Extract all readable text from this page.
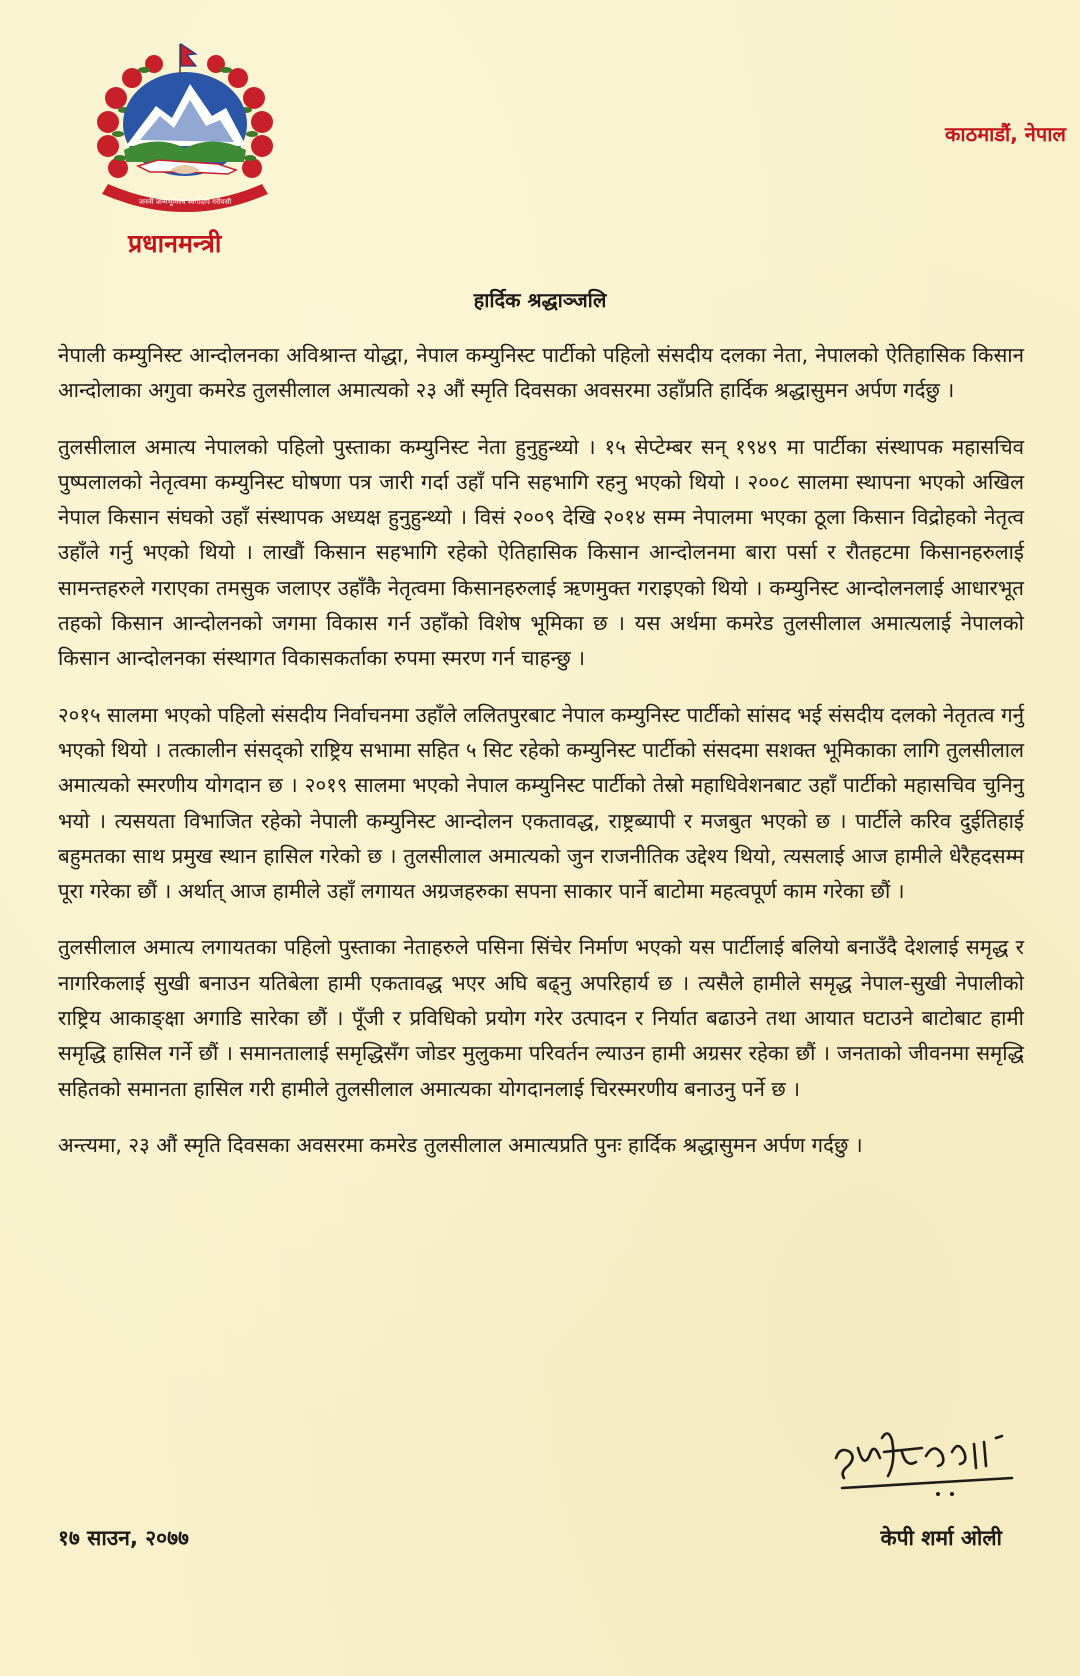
जननी जन्मभूमिश्च स्वर्गादपि गरीयसी
प्रधानमन्त्री
काठमाडौं, नेपाल
हार्दिक श्रद्धाञ्जलि

नेपाली कम्युनिस्ट आन्दोलनका अविश्रान्त योद्धा, नेपाल कम्युनिस्ट पार्टीको पहिलो संसदीय दलका नेता, नेपालको ऐतिहासिक किसान आन्दोलाका अगुवा कमरेड तुलसीलाल अमात्यको २३ औं स्मृति दिवसका अवसरमा उहाँप्रति हार्दिक श्रद्धासुमन अर्पण गर्दछु ।

तुलसीलाल अमात्य नेपालको पहिलो पुस्ताका कम्युनिस्ट नेता हुनुहुन्थ्यो । १५ सेप्टेम्बर सन् १९४९ मा पार्टीका संस्थापक महासचिव पुष्पलालको नेतृत्वमा कम्युनिस्ट घोषणा पत्र जारी गर्दा उहाँ पनि सहभागि रहनु भएको थियो । २००८ सालमा स्थापना भएको अखिल नेपाल किसान संघको उहाँ संस्थापक अध्यक्ष हुनुहुन्थ्यो । विसं २००९ देखि २०१४ सम्म नेपालमा भएका ठूला किसान विद्रोहको नेतृत्व उहाँले गर्नु भएको थियो । लाखौं किसान सहभागि रहेको ऐतिहासिक किसान आन्दोलनमा बारा पर्सा र रौतहटमा किसानहरुलाई सामन्तहरुले गराएका तमसुक जलाएर उहाँकै नेतृत्वमा किसानहरुलाई ऋणमुक्त गराइएको थियो । कम्युनिस्ट आन्दोलनलाई आधारभूत तहको किसान आन्दोलनको जगमा विकास गर्न उहाँको विशेष भूमिका छ । यस अर्थमा कमरेड तुलसीलाल अमात्यलाई नेपालको किसान आन्दोलनका संस्थागत विकासकर्ताका रुपमा स्मरण गर्न चाहन्छु ।

२०१५ सालमा भएको पहिलो संसदीय निर्वाचनमा उहाँले ललितपुरबाट नेपाल कम्युनिस्ट पार्टीको सांसद भई संसदीय दलको नेतृतत्व गर्नु भएको थियो । तत्कालीन संसद्को राष्ट्रिय सभामा सहित ५ सिट रहेको कम्युनिस्ट पार्टीको संसदमा सशक्त भूमिकाका लागि तुलसीलाल अमात्यको स्मरणीय योगदान छ । २०१९ सालमा भएको नेपाल कम्युनिस्ट पार्टीको तेस्रो महाधिवेशनबाट उहाँ पार्टीको महासचिव चुनिनु भयो । त्यसयता विभाजित रहेको नेपाली कम्युनिस्ट आन्दोलन एकतावद्ध, राष्ट्रब्यापी र मजबुत भएको छ । पार्टीले करिव दुईतिहाई बहुमतका साथ प्रमुख स्थान हासिल गरेको छ । तुलसीलाल अमात्यको जुन राजनीतिक उद्देश्य थियो, त्यसलाई आज हामीले धेरैहदसम्म पूरा गरेका छौं । अर्थात् आज हामीले उहाँ लगायत अग्रजहरुका सपना साकार पार्ने बाटोमा महत्वपूर्ण काम गरेका छौं ।

तुलसीलाल अमात्य लगायतका पहिलो पुस्ताका नेताहरुले पसिना सिंचेर निर्माण भएको यस पार्टीलाई बलियो बनाउँदै देशलाई समृद्ध र नागरिकलाई सुखी बनाउन यतिबेला हामी एकतावद्ध भएर अघि बढ्नु अपरिहार्य छ । त्यसैले हामीले समृद्ध नेपाल-सुखी नेपालीको राष्ट्रिय आकाङ्क्षा अगाडि सारेका छौं । पूँजी र प्रविधिको प्रयोग गरेर उत्पादन र निर्यात बढाउने तथा आयात घटाउने बाटोबाट हामी समृद्धि हासिल गर्ने छौं । समानतालाई समृद्धिसँग जोडर मुलुकमा परिवर्तन ल्याउन हामी अग्रसर रहेका छौं । जनताको जीवनमा समृद्धि सहितको समानता हासिल गरी हामीले तुलसीलाल अमात्यका योगदानलाई चिरस्मरणीय बनाउनु पर्ने छ ।

अन्त्यमा, २३ औं स्मृति दिवसका अवसरमा कमरेड तुलसीलाल अमात्यप्रति पुनः हार्दिक श्रद्धासुमन अर्पण गर्दछु ।

१७ साउन, २०७७	केपी शर्मा ओली
